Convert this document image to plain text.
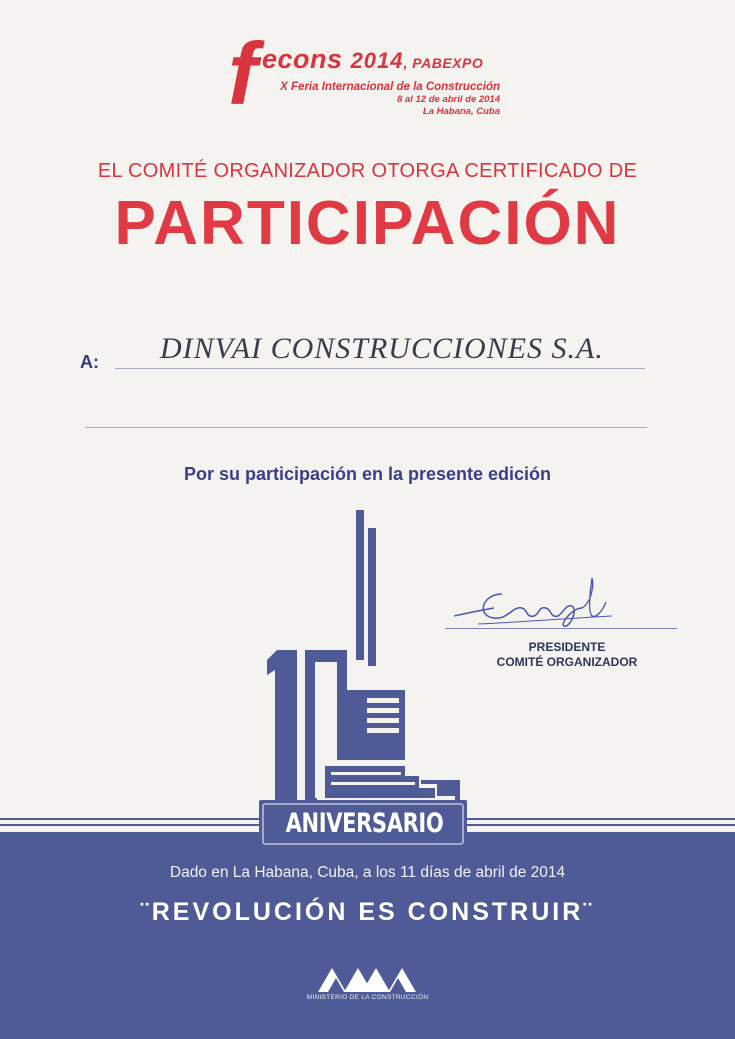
f econs 2014, PABEXPO
X Feria Internacional de la Construcción
8 al 12 de abril de 2014
La Habana, Cuba
EL COMITÉ ORGANIZADOR OTORGA CERTIFICADO DE
PARTICIPACIÓN
A: DINVAI CONSTRUCCIONES S.A.
Por su participación en la presente edición
PRESIDENTE
COMITÉ ORGANIZADOR
ANIVERSARIO
Dado en La Habana, Cuba, a los 11 días de abril de 2014
¨REVOLUCIÓN ES CONSTRUIR¨
MINISTERIO DE LA CONSTRUCCIÓN
